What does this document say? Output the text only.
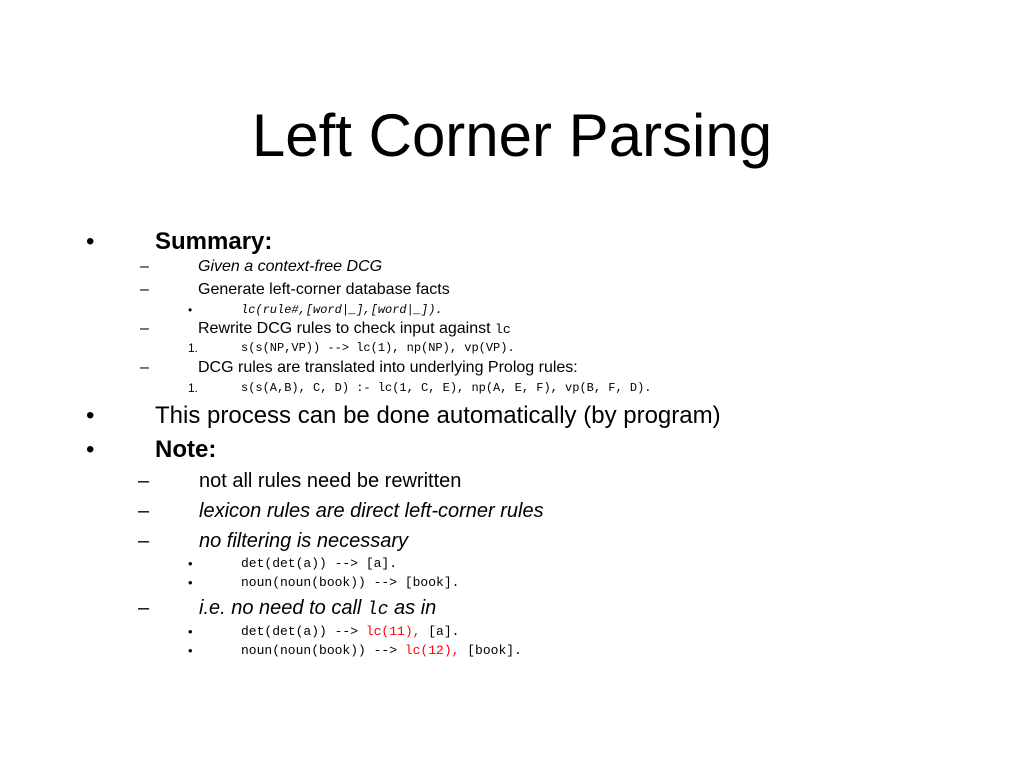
Left Corner Parsing
•	Summary:
–	Given a context-free DCG
–	Generate left-corner database facts
•	lc(rule#,[word|_],[word|_]).
–	Rewrite DCG rules to check input against lc
1.	s(s(NP,VP)) --> lc(1), np(NP), vp(VP).
–	DCG rules are translated into underlying Prolog rules:
1.	s(s(A,B), C, D) :- lc(1, C, E), np(A, E, F), vp(B, F, D).
•	This process can be done automatically (by program)
•	Note:
– not all rules need be rewritten
– lexicon rules are direct left-corner rules
– no filtering is necessary
•	det(det(a)) --> [a].
•	noun(noun(book)) --> [book].
– i.e. no need to call lc as in
•	det(det(a)) --> lc(11), [a].
•	noun(noun(book)) --> lc(12), [book].
